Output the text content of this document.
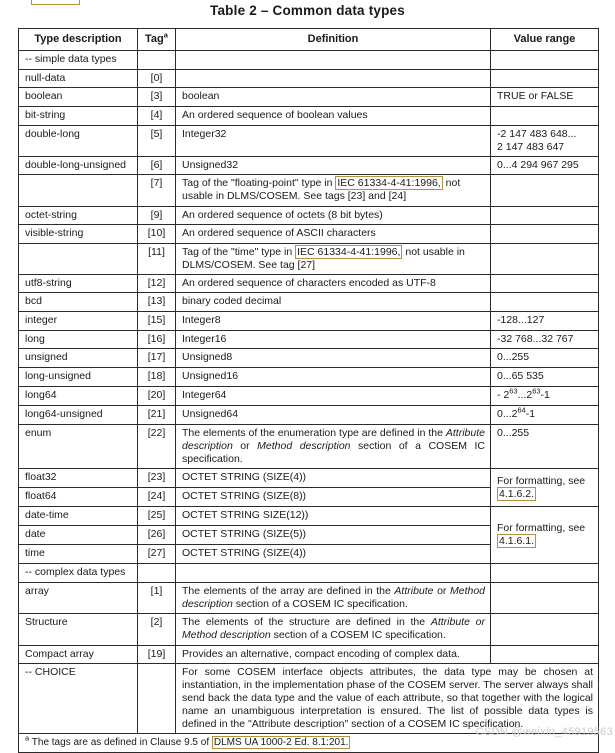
Table 2 – Common data types
Type description	Tag$^a$	Definition	Value range
-- simple data types			
null-data	[0]		
boolean	[3]	boolean	TRUE or FALSE
bit-string	[4]	An ordered sequence of boolean values	
double-long	[5]	Integer32	-2 147 483 648...
2 147 483 647
double-long-unsigned	[6]	Unsigned32	0...4 294 967 295
	[7]	Tag of the "floating-point" type in IEC 61334-4-41:1996, not usable in DLMS/COSEM. See tags [23] and [24]	
octet-string	[9]	An ordered sequence of octets (8 bit bytes)	
visible-string	[10]	An ordered sequence of ASCII characters	
	[11]	Tag of the "time" type in IEC 61334-4-41:1996, not usable in DLMS/COSEM. See tag [27]	
utf8-string	[12]	An ordered sequence of characters encoded as UTF-8	
bcd	[13]	binary coded decimal	
integer	[15]	Integer8	-128...127
long	[16]	Integer16	-32 768...32 767
unsigned	[17]	Unsigned8	0...255
long-unsigned	[18]	Unsigned16	0...65 535
long64	[20]	Integer64	- $2^{63}...2^{63}-1$
long64-unsigned	[21]	Unsigned64	0...2$^{64}$-1
enum	[22]	The elements of the enumeration type are defined in the Attribute description or Method description section of a COSEM IC specification.	0...255
float32	[23]	OCTET STRING (SIZE(4))	For formatting, see 4.1.6.2.
float64	[24]	OCTET STRING (SIZE(8))	
date-time	[25]	OCTET STRING SIZE(12))	For formatting, see 4.1.6.1.
date	[26]	OCTET STRING (SIZE(5))	
time	[27]	OCTET STRING (SIZE(4))	
-- complex data types			
array	[1]	The elements of the array are defined in the Attribute or Method description section of a COSEM IC specification.	
Structure	[2]	The elements of the structure are defined in the Attribute or Method description section of a COSEM IC specification.	
Compact array	[19]	Provides an alternative, compact encoding of complex data.	
-- CHOICE		For some COSEM interface objects attributes, the data type may be chosen at instantiation, in the implementation phase of the COSEM server. The server always shall send back the data type and the value of each attribute, so that together with the logical name an unambiguous interpretation is ensured. The list of possible data types is defined in the "Attribute description" section of a COSEM IC specification.	
$^a$ The tags are as defined in Clause 9.5 of DLMS UA 1000-2 Ed. 8.1:201.			
CSDN @weixin_45919563
